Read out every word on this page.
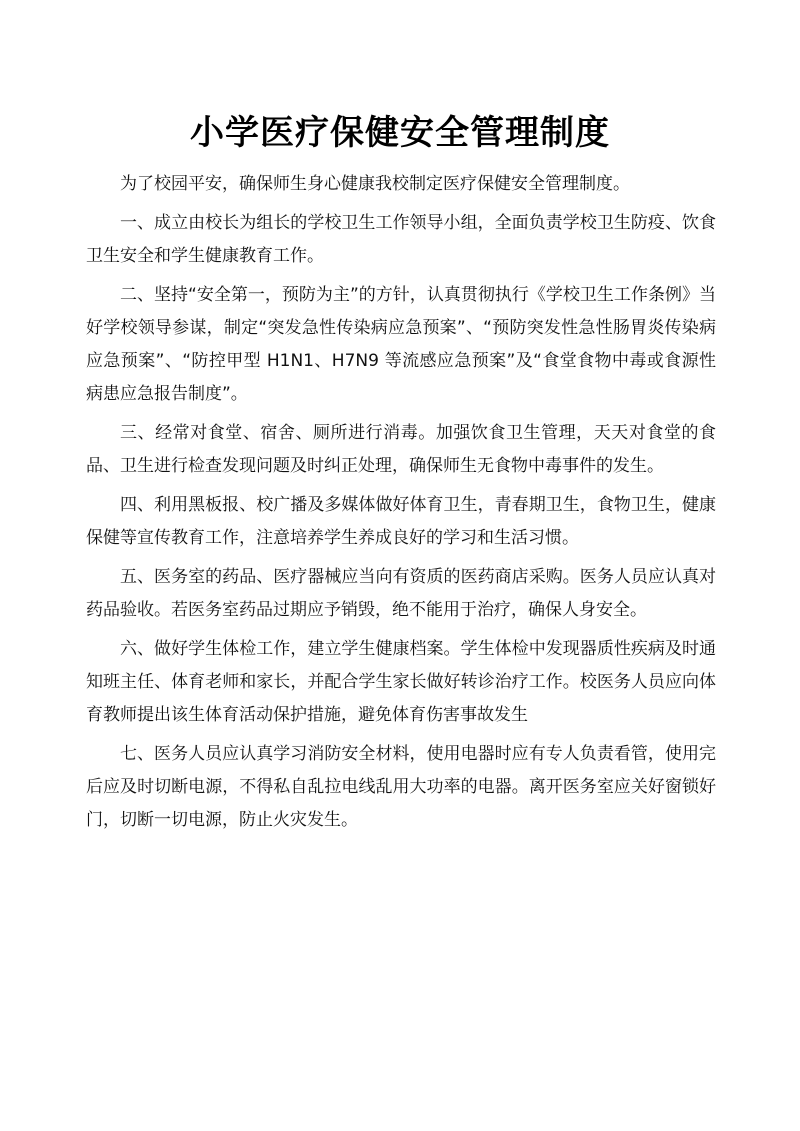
小学医疗保健安全管理制度

为了校园平安，确保师生身心健康我校制定医疗保健安全管理制度。

一、成立由校长为组长的学校卫生工作领导小组，全面负责学校卫生防疫、饮食卫生安全和学生健康教育工作。

二、坚持“安全第一，预防为主”的方针，认真贯彻执行《学校卫生工作条例》当好学校领导参谋，制定“突发急性传染病应急预案”、“预防突发性急性肠胃炎传染病应急预案”、“防控甲型 H1N1、H7N9 等流感应急预案”及“食堂食物中毒或食源性病患应急报告制度”。

三、经常对食堂、宿舍、厕所进行消毒。加强饮食卫生管理，天天对食堂的食品、卫生进行检查发现问题及时纠正处理，确保师生无食物中毒事件的发生。

四、利用黑板报、校广播及多媒体做好体育卫生，青春期卫生，食物卫生，健康保健等宣传教育工作，注意培养学生养成良好的学习和生活习惯。

五、医务室的药品、医疗器械应当向有资质的医药商店采购。医务人员应认真对药品验收。若医务室药品过期应予销毁，绝不能用于治疗，确保人身安全。

六、做好学生体检工作，建立学生健康档案。学生体检中发现器质性疾病及时通知班主任、体育老师和家长，并配合学生家长做好转诊治疗工作。校医务人员应向体育教师提出该生体育活动保护措施，避免体育伤害事故发生

七、医务人员应认真学习消防安全材料，使用电器时应有专人负责看管，使用完后应及时切断电源，不得私自乱拉电线乱用大功率的电器。离开医务室应关好窗锁好门，切断一切电源，防止火灾发生。
